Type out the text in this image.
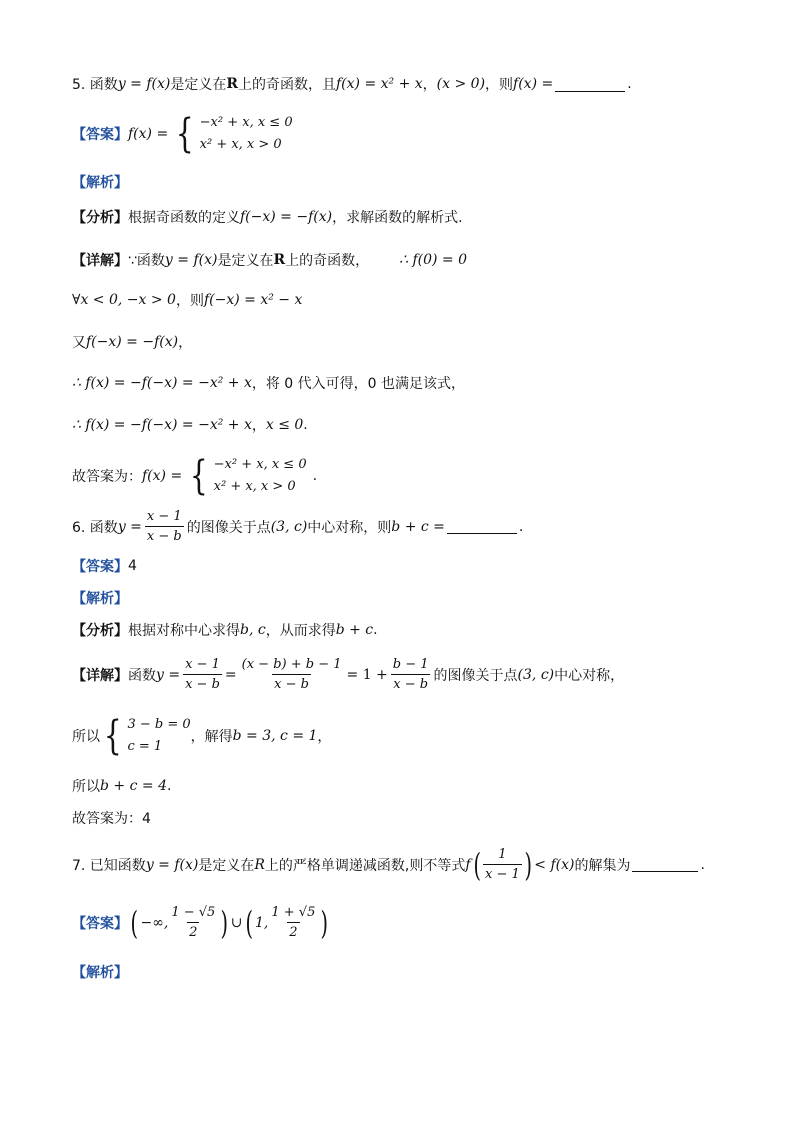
5. 函数 y = f(x) 是定义在 R 上的奇函数，且 f(x) = x² + x ， (x > 0) ，则 f(x) =	.
【答案】 f(x) = { −x² + x, x ≤ 0
x² + x, x > 0
【解析】
【分析】 根据奇函数的定义 f(−x) = −f(x) ，求解函数的解析式.
【详解】 ∵函数 y = f(x) 是定义在 R 上的奇函数， ∴ f(0) = 0
∀x < 0, −x > 0 ，则 f(−x) = x² − x
又 f(−x) = −f(x) ，
∴ f(x) = −f(−x) = −x² + x ，将 0 代入可得，0 也满足该式，
∴ f(x) = −f(−x) = −x² + x ， x ≤ 0 .
故答案为： f(x) = { −x² + x, x ≤ 0
x² + x, x > 0
.
6. 函数 $y = \frac{x - 1}{x - b}$ 的图像关于点 (3, c) 中心对称，则 b + c =	.
【答案】 4
【解析】
【分析】 根据对称中心求得 b, c ，从而求得 b + c .
【详解】 函数 $y = \frac{x - 1}{x - b} = \frac{(x - b) + b - 1}{x - b} = 1 + \frac{b - 1}{x - b}$ 的图像关于点 (3, c) 中心对称，
所以 { 3 − b = 0
c = 1
，解得 b = 3, c = 1 ，
所以 b + c = 4 .
故答案为：4
7. 已知函数 y = f(x) 是定义在 R 上的严格单调递减函数,则不等式 f ( $\frac{1}{x - 1}$ ) < f(x) 的解集为	.
【答案】 ( −∞, $\frac{1 - √5}{2}$ ) ∪ ( 1, $\frac{1 + √5}{2}$ )
【解析】
